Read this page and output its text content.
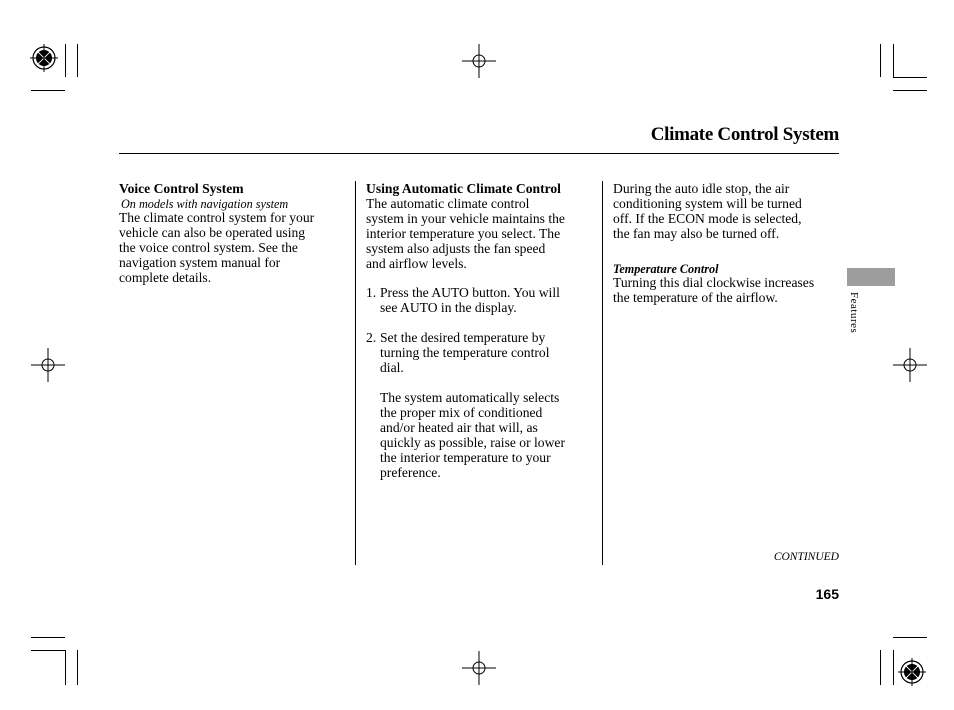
Climate Control System

Voice Control System

On models with navigation system

The climate control system for your

vehicle can also be operated using

the voice control system. See the

navigation system manual for

complete details.

Using Automatic Climate Control

The automatic climate control

system in your vehicle maintains the

interior temperature you select. The

system also adjusts the fan speed

and airflow levels.

1. Press the AUTO button. You will

see AUTO in the display.

2. Set the desired temperature by

turning the temperature control

dial.

The system automatically selects

the proper mix of conditioned

and/or heated air that will, as

quickly as possible, raise or lower

the interior temperature to your

preference.

During the auto idle stop, the air

conditioning system will be turned

off. If the ECON mode is selected,

the fan may also be turned off.

Temperature Control

Turning this dial clockwise increases

the temperature of the airflow.	Features
CONTINUED
165
